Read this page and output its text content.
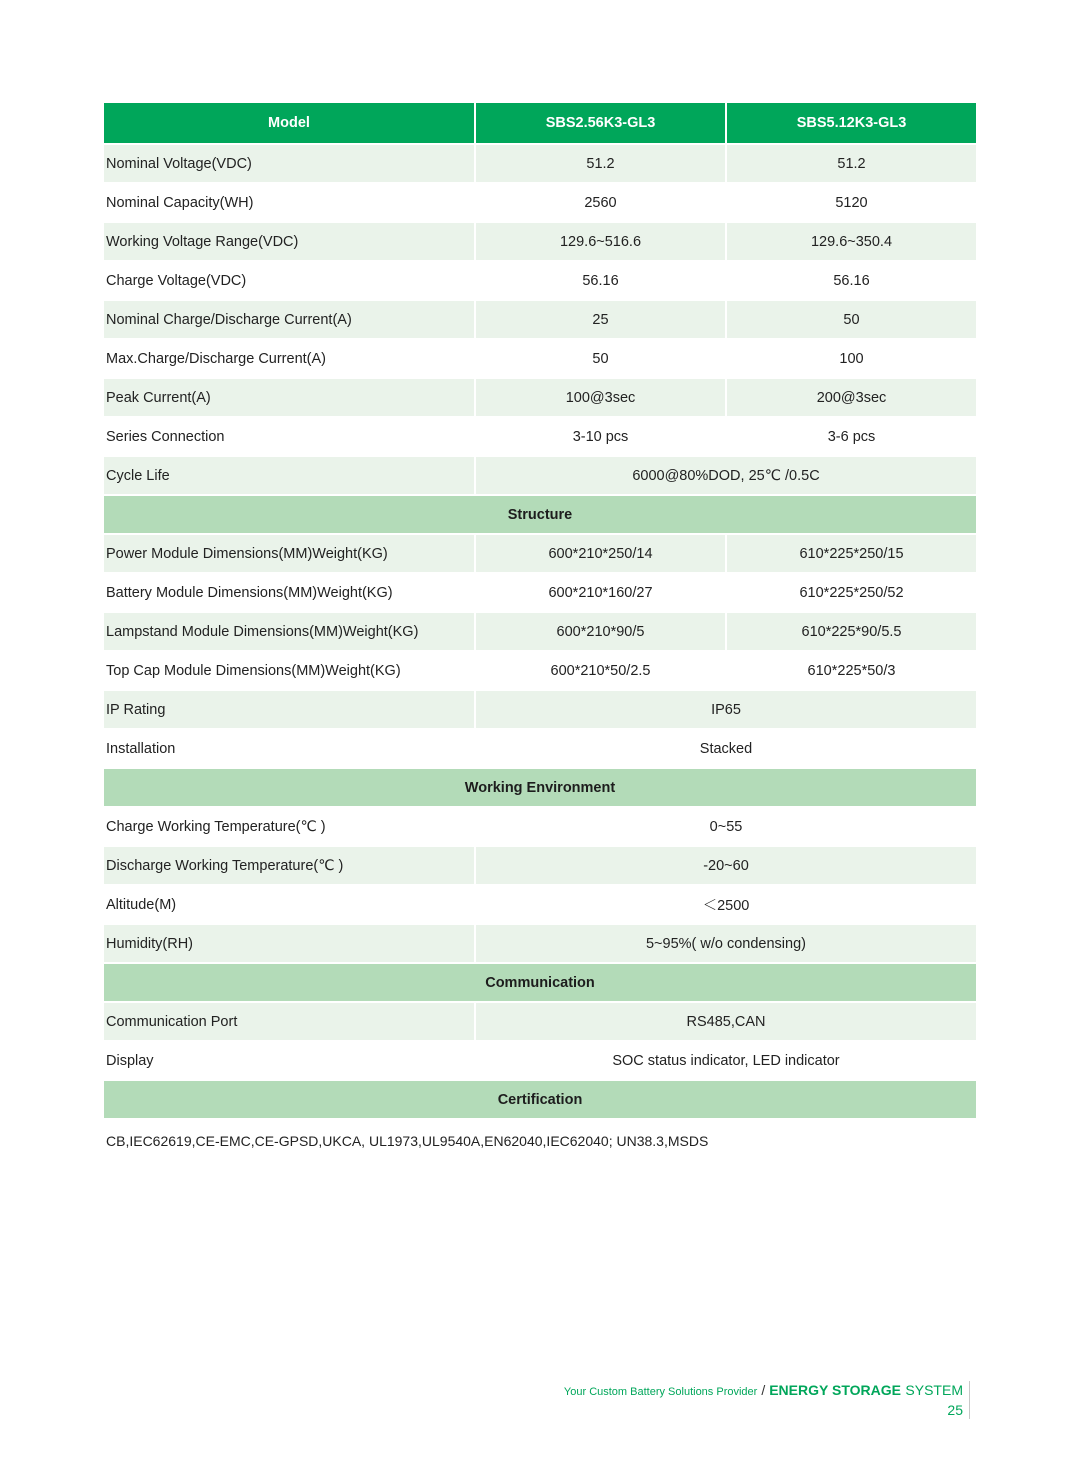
Model	SBS2.56K3-GL3	SBS5.12K3-GL3
Nominal Voltage(VDC)	51.2	51.2
Nominal Capacity(WH)	2560	5120
Working Voltage Range(VDC)	129.6~516.6	129.6~350.4
Charge Voltage(VDC)	56.16	56.16
Nominal Charge/Discharge Current(A)	25	50
Max.Charge/Discharge Current(A)	50	100
Peak Current(A)	100@3sec	200@3sec
Series Connection	3-10 pcs	3-6 pcs
Cycle Life	6000@80%DOD, 25℃ /0.5C	
Structure		
Power Module Dimensions(MM)Weight(KG)	600*210*250/14	610*225*250/15
Battery Module Dimensions(MM)Weight(KG)	600*210*160/27	610*225*250/52
Lampstand Module Dimensions(MM)Weight(KG)	600*210*90/5	610*225*90/5.5
Top Cap Module Dimensions(MM)Weight(KG)	600*210*50/2.5	610*225*50/3
IP Rating	IP65	
Installation	Stacked	
Working Environment		
Charge Working Temperature(℃ )	0~55	
Discharge Working Temperature(℃ )	-20~60	
Altitude(M)	＜2500	
Humidity(RH)	5~95%( w/o condensing)	
Communication		
Communication Port	RS485,CAN	
Display	SOC status indicator, LED indicator	
Certification		
CB,IEC62619,CE-EMC,CE-GPSD,UKCA, UL1973,UL9540A,EN62040,IEC62040; UN38.3,MSDS		
Your Custom Battery Solutions Provider / ENERGY STORAGE SYSTEM
25
